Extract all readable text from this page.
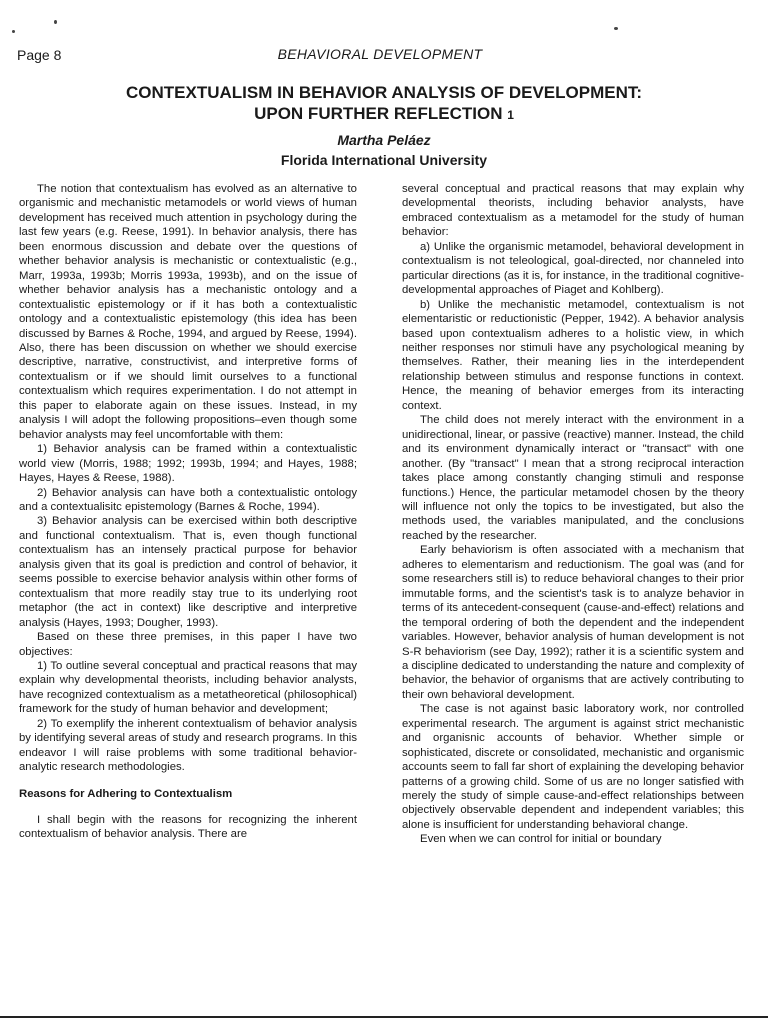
Page 8	BEHAVIORAL DEVELOPMENT
CONTEXTUALISM IN BEHAVIOR ANALYSIS OF DEVELOPMENT:
UPON FURTHER REFLECTION 1
Martha Peláez
Florida International University

The notion that contextualism has evolved as an alternative to organismic and mechanistic metamodels or world views of human development has received much attention in psychology during the last few years (e.g. Reese, 1991). In behavior analysis, there has been enormous discussion and debate over the questions of whether behavior analysis is mechanistic or contextualistic (e.g., Marr, 1993a, 1993b; Morris 1993a, 1993b), and on the issue of whether behavior analysis has a mechanistic ontology and a contextualistic epistemology or if it has both a contextualistic ontology and a contextualistic epistemology (this idea has been discussed by Barnes & Roche, 1994, and argued by Reese, 1994). Also, there has been discussion on whether we should exercise descriptive, narrative, constructivist, and interpretive forms of contextualism or if we should limit ourselves to a functional contextualism which requires experimentation. I do not attempt in this paper to elaborate again on these issues. Instead, in my analysis I will adopt the following propositions–even though some behavior analysts may feel uncomfortable with them:

1) Behavior analysis can be framed within a contextualistic world view (Morris, 1988; 1992; 1993b, 1994; and Hayes, 1988; Hayes, Hayes & Reese, 1988).

2) Behavior analysis can have both a contextualistic ontology and a contextualisitc epistemology (Barnes & Roche, 1994).

3) Behavior analysis can be exercised within both descriptive and functional contextualism. That is, even though functional contextualism has an intensely practical purpose for behavior analysis given that its goal is prediction and control of behavior, it seems possible to exercise behavior analysis within other forms of contextualism that more readily stay true to its underlying root metaphor (the act in context) like descriptive and interpretive analysis (Hayes, 1993; Dougher, 1993).

Based on these three premises, in this paper I have two objectives:

1) To outline several conceptual and practical reasons that may explain why developmental theorists, including behavior analysts, have recognized contextualism as a metatheoretical (philosophical) framework for the study of human behavior and development;

2) To exemplify the inherent contextualism of behavior analysis by identifying several areas of study and research programs. In this endeavor I will raise problems with some traditional behavior-analytic research methodologies.

Reasons for Adhering to Contextualism

I shall begin with the reasons for recognizing the inherent contextualism of behavior analysis. There are

several conceptual and practical reasons that may explain why developmental theorists, including behavior analysts, have embraced contextualism as a metamodel for the study of human behavior:

a) Unlike the organismic metamodel, behavioral development in contextualism is not teleological, goal-directed, nor channeled into particular directions (as it is, for instance, in the traditional cognitive-developmental approaches of Piaget and Kohlberg).

b) Unlike the mechanistic metamodel, contextualism is not elementaristic or reductionistic (Pepper, 1942). A behavior analysis based upon contextualism adheres to a holistic view, in which neither responses nor stimuli have any psychological meaning by themselves. Rather, their meaning lies in the interdependent relationship between stimulus and response functions in context. Hence, the meaning of behavior emerges from its interacting context.

The child does not merely interact with the environment in a unidirectional, linear, or passive (reactive) manner. Instead, the child and its environment dynamically interact or "transact" with one another. (By "transact" I mean that a strong reciprocal interaction takes place among constantly changing stimuli and response functions.) Hence, the particular metamodel chosen by the theory will influence not only the topics to be investigated, but also the methods used, the variables manipulated, and the conclusions reached by the researcher.

Early behaviorism is often associated with a mechanism that adheres to elementarism and reductionism. The goal was (and for some researchers still is) to reduce behavioral changes to their prior immutable forms, and the scientist's task is to analyze behavior in terms of its antecedent-consequent (cause-and-effect) relations and the temporal ordering of both the dependent and the independent variables. However, behavior analysis of human development is not S-R behaviorism (see Day, 1992); rather it is a scientific system and a discipline dedicated to understanding the nature and complexity of behavior, the behavior of organisms that are actively contributing to their own behavioral development.

The case is not against basic laboratory work, nor controlled experimental research. The argument is against strict mechanistic and organisnic accounts of behavior. Whether simple or sophisticated, discrete or consolidated, mechanistic and organismic accounts seem to fall far short of explaining the developing behavior patterns of a growing child. Some of us are no longer satisfied with merely the study of simple cause-and-effect relationships between objectively observable dependent and independent variables; this alone is insufficient for understanding behavioral change.

Even when we can control for initial or boundary
